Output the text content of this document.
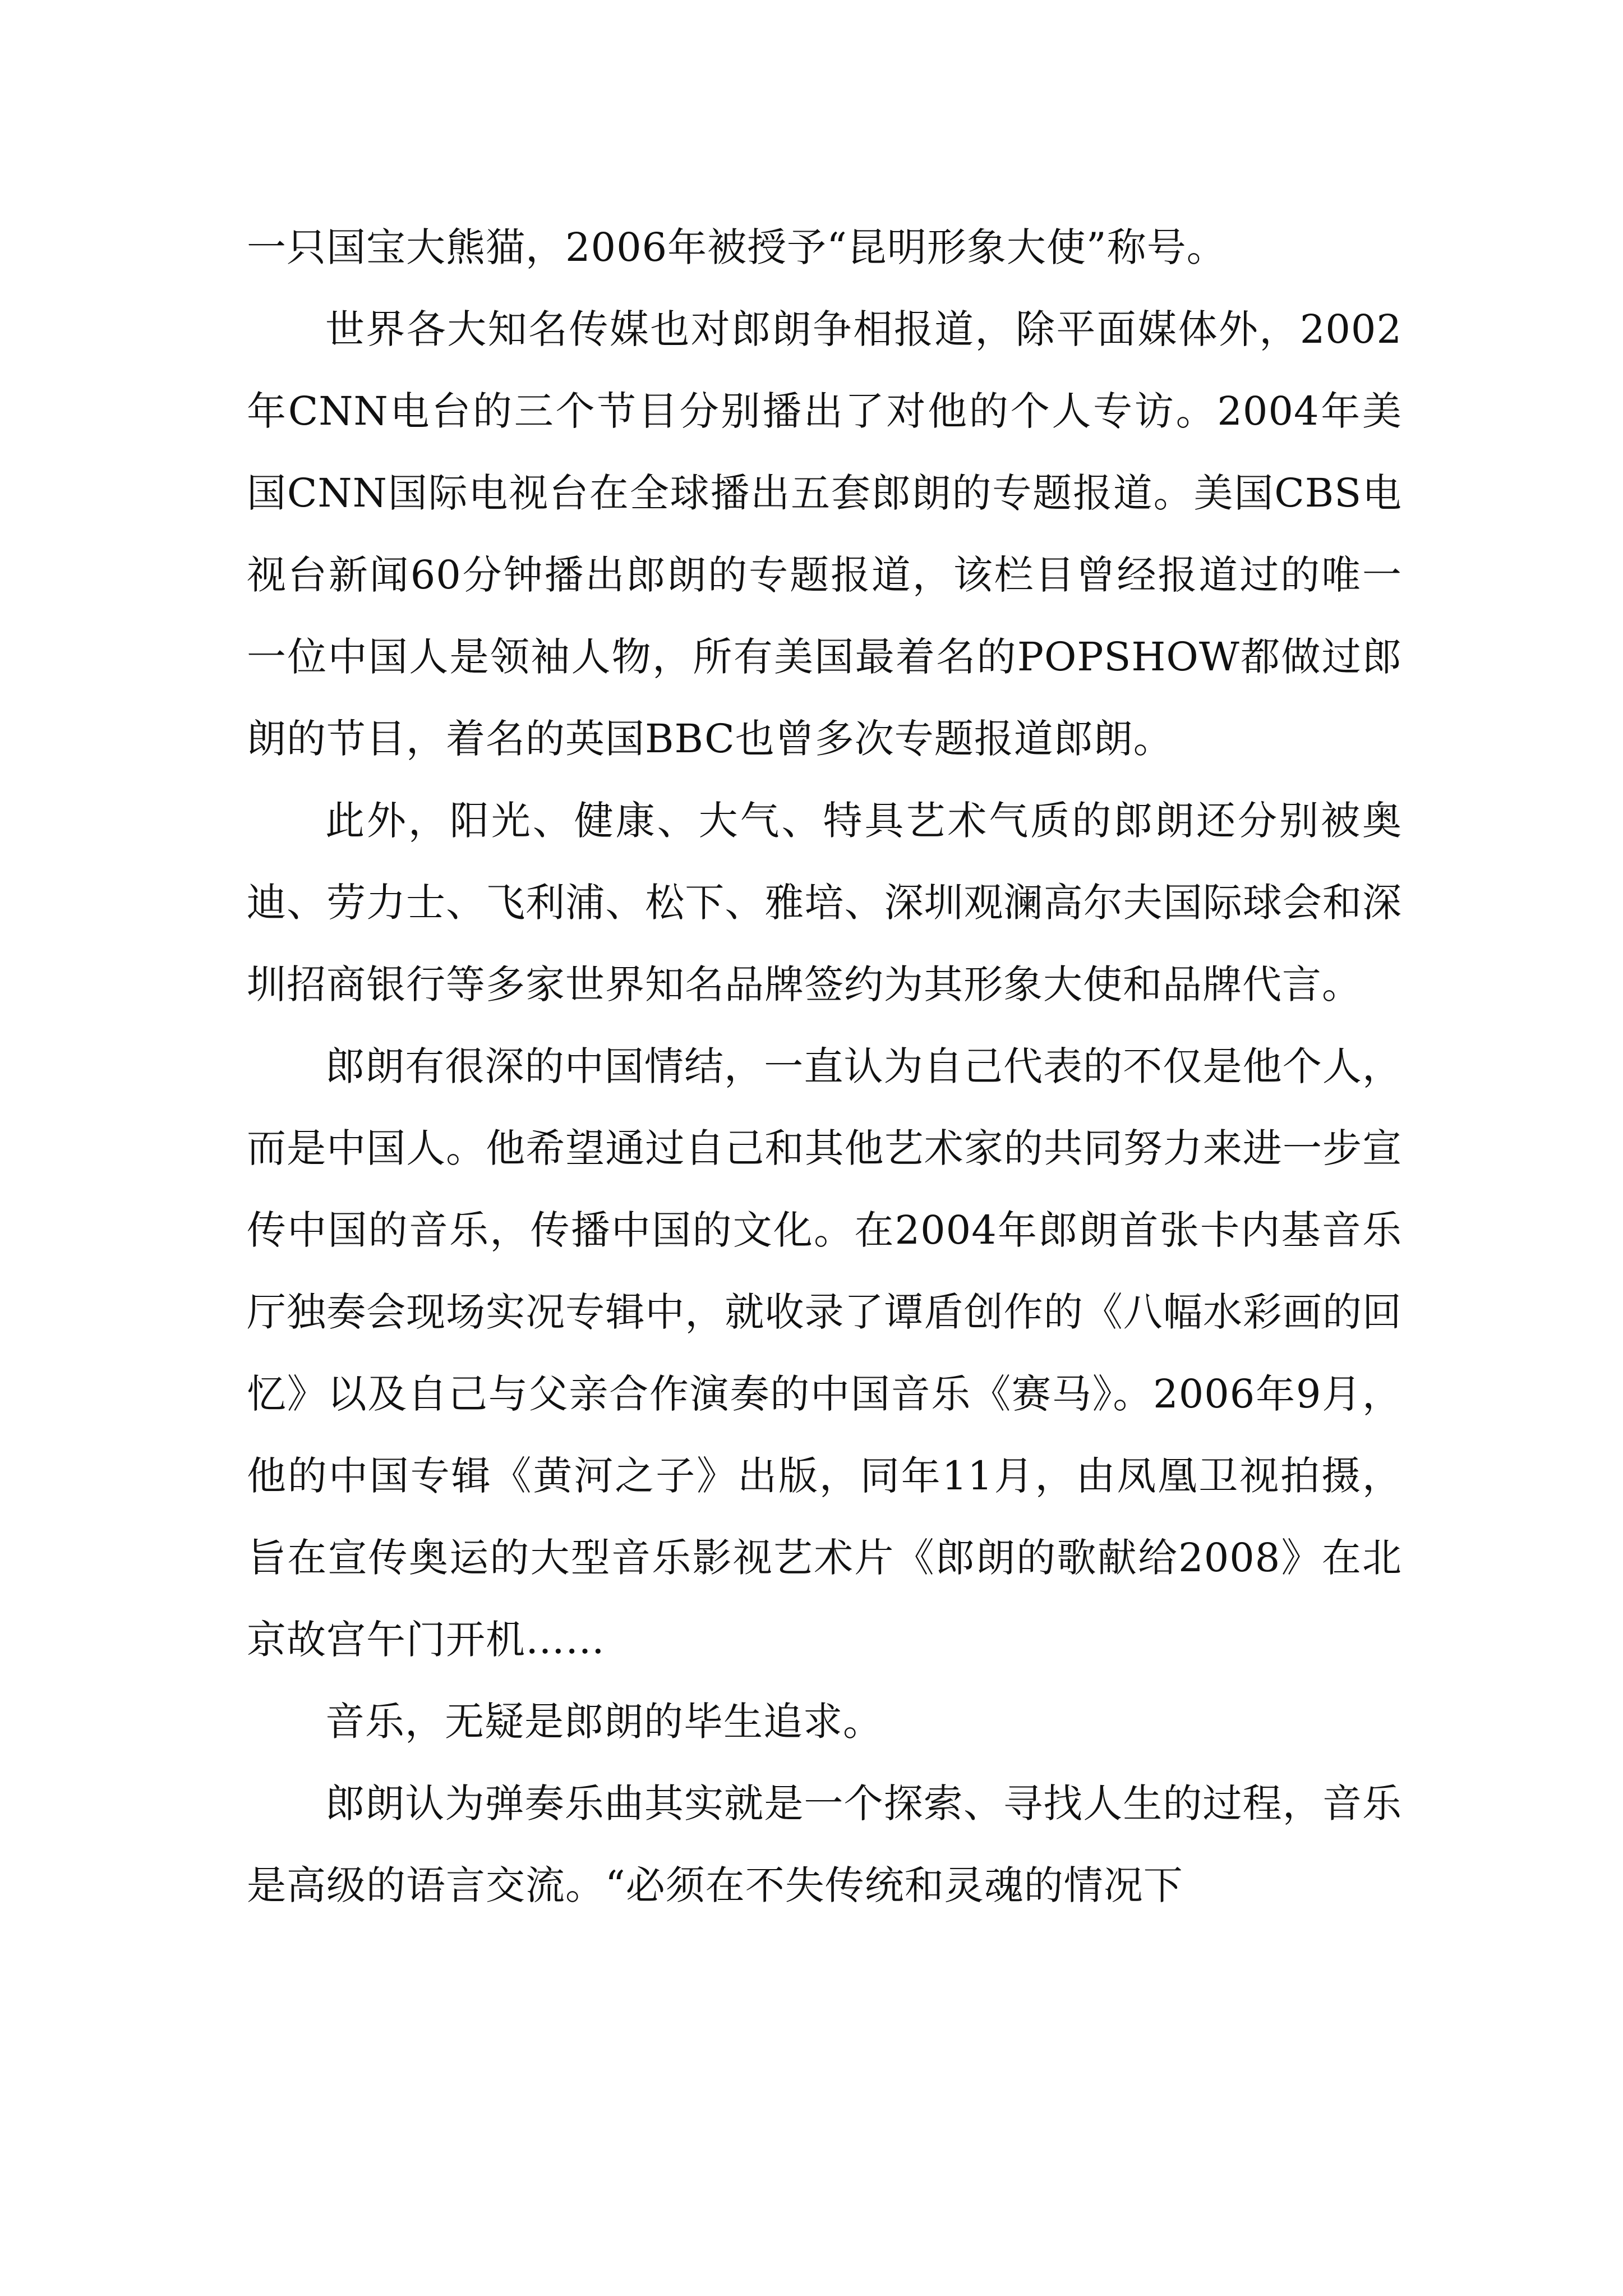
一只国宝大熊猫，2006年被授予“昆明形象大使”称号。

世界各大知名传媒也对郎朗争相报道，除平面媒体外，2002年CNN电台的三个节目分别播出了对他的个人专访。2004年美国CNN国际电视台在全球播出五套郎朗的专题报道。美国CBS电视台新闻60分钟播出郎朗的专题报道，该栏目曾经报道过的唯一一位中国人是领袖人物，所有美国最着名的POPSHOW都做过郎朗的节目，着名的英国BBC也曾多次专题报道郎朗。

此外，阳光、健康、大气、特具艺术气质的郎朗还分别被奥迪、劳力士、飞利浦、松下、雅培、深圳观澜高尔夫国际球会和深圳招商银行等多家世界知名品牌签约为其形象大使和品牌代言。

郎朗有很深的中国情结，一直认为自己代表的不仅是他个人，而是中国人。他希望通过自己和其他艺术家的共同努力来进一步宣传中国的音乐，传播中国的文化。在2004年郎朗首张卡内基音乐厅独奏会现场实况专辑中，就收录了谭盾创作的《八幅水彩画的回忆》以及自己与父亲合作演奏的中国音乐《赛马》。2006年9月，他的中国专辑《黄河之子》出版，同年11月，由凤凰卫视拍摄，旨在宣传奥运的大型音乐影视艺术片《郎朗的歌献给2008》在北京故宫午门开机……

音乐，无疑是郎朗的毕生追求。

郎朗认为弹奏乐曲其实就是一个探索、寻找人生的过程，音乐是高级的语言交流。“必须在不失传统和灵魂的情况下
